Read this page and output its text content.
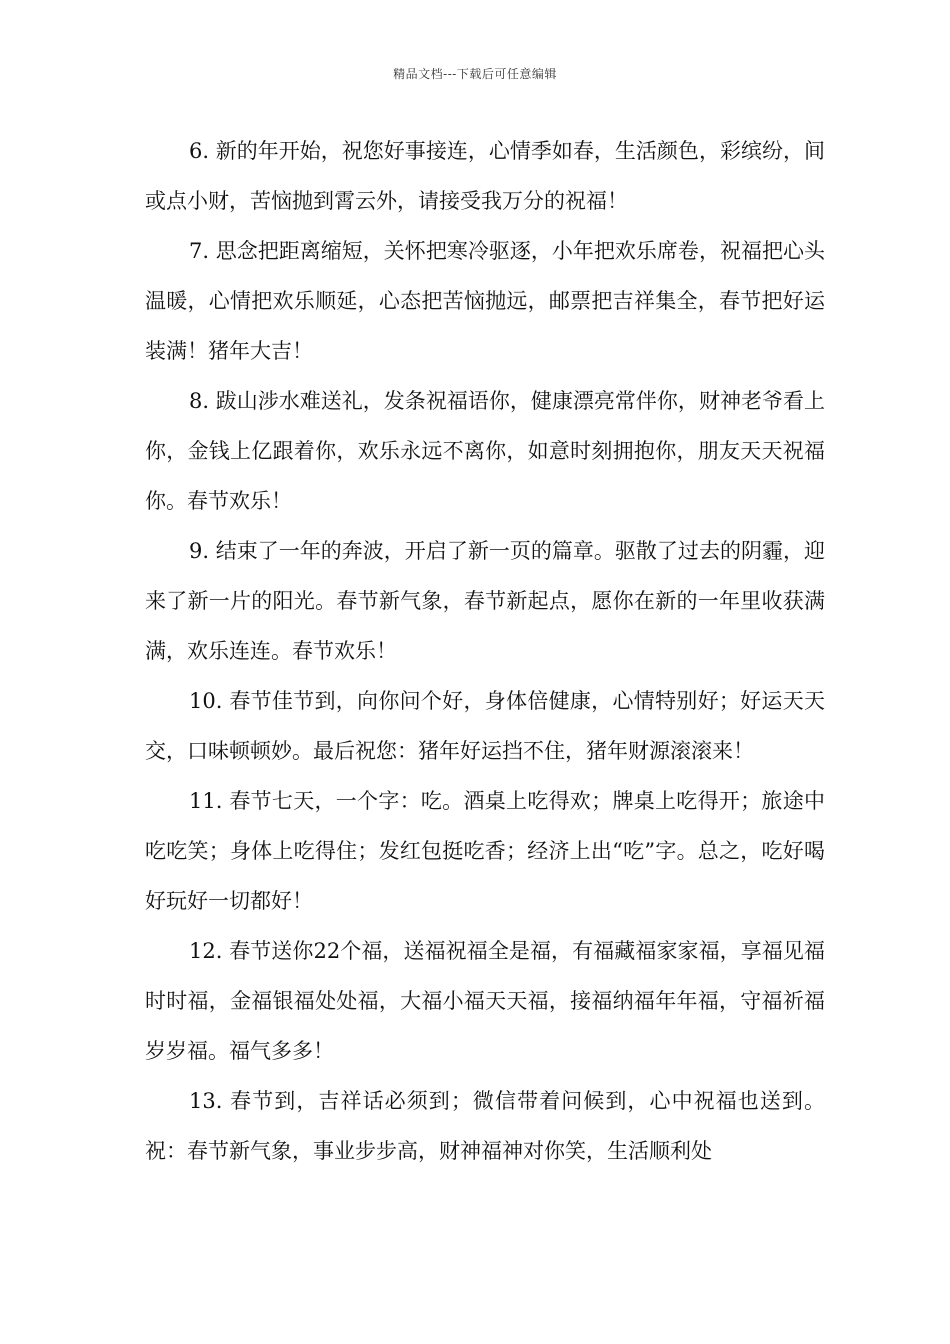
精品文档---下载后可任意编辑

6. 新的年开始，祝您好事接连，心情季如春，生活颜色，彩缤纷，间或点小财，苦恼抛到霄云外，请接受我万分的祝福！

7. 思念把距离缩短，关怀把寒冷驱逐，小年把欢乐席卷，祝福把心头温暖，心情把欢乐顺延，心态把苦恼抛远，邮票把吉祥集全，春节把好运装满！猪年大吉！

8. 跋山涉水难送礼，发条祝福语你，健康漂亮常伴你，财神老爷看上你，金钱上亿跟着你，欢乐永远不离你，如意时刻拥抱你，朋友天天祝福你。春节欢乐！

9. 结束了一年的奔波，开启了新一页的篇章。驱散了过去的阴霾，迎来了新一片的阳光。春节新气象，春节新起点，愿你在新的一年里收获满满，欢乐连连。春节欢乐！

10. 春节佳节到，向你问个好，身体倍健康，心情特别好；好运天天交，口味顿顿妙。最后祝您：猪年好运挡不住，猪年财源滚滚来！

11. 春节七天，一个字：吃。酒桌上吃得欢；牌桌上吃得开；旅途中吃吃笑；身体上吃得住；发红包挺吃香；经济上出“吃”字。总之，吃好喝好玩好一切都好！

12. 春节送你22个福，送福祝福全是福，有福藏福家家福，享福见福时时福，金福银福处处福，大福小福天天福，接福纳福年年福，守福祈福岁岁福。福气多多！

13. 春节到，吉祥话必须到；微信带着问候到，心中祝福也送到。祝：春节新气象，事业步步高，财神福神对你笑，生活顺利处
